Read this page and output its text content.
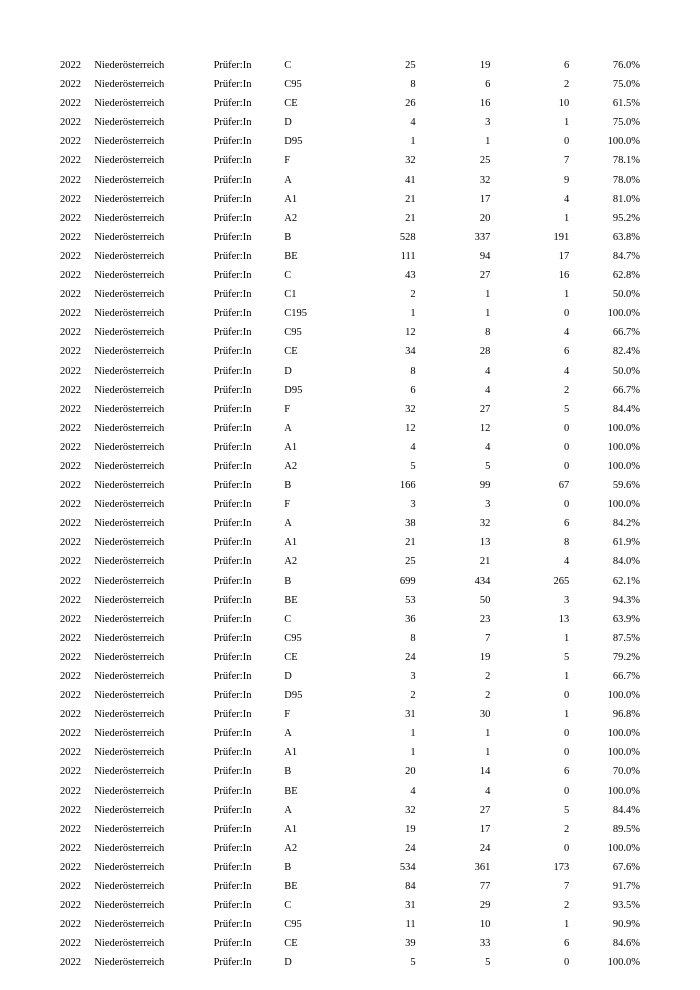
2022	Niederösterreich	Prüfer:In	C	25	19	6	76.0%
2022	Niederösterreich	Prüfer:In	C95	8	6	2	75.0%
2022	Niederösterreich	Prüfer:In	CE	26	16	10	61.5%
2022	Niederösterreich	Prüfer:In	D	4	3	1	75.0%
2022	Niederösterreich	Prüfer:In	D95	1	1	0	100.0%
2022	Niederösterreich	Prüfer:In	F	32	25	7	78.1%
2022	Niederösterreich	Prüfer:In	A	41	32	9	78.0%
2022	Niederösterreich	Prüfer:In	A1	21	17	4	81.0%
2022	Niederösterreich	Prüfer:In	A2	21	20	1	95.2%
2022	Niederösterreich	Prüfer:In	B	528	337	191	63.8%
2022	Niederösterreich	Prüfer:In	BE	111	94	17	84.7%
2022	Niederösterreich	Prüfer:In	C	43	27	16	62.8%
2022	Niederösterreich	Prüfer:In	C1	2	1	1	50.0%
2022	Niederösterreich	Prüfer:In	C195	1	1	0	100.0%
2022	Niederösterreich	Prüfer:In	C95	12	8	4	66.7%
2022	Niederösterreich	Prüfer:In	CE	34	28	6	82.4%
2022	Niederösterreich	Prüfer:In	D	8	4	4	50.0%
2022	Niederösterreich	Prüfer:In	D95	6	4	2	66.7%
2022	Niederösterreich	Prüfer:In	F	32	27	5	84.4%
2022	Niederösterreich	Prüfer:In	A	12	12	0	100.0%
2022	Niederösterreich	Prüfer:In	A1	4	4	0	100.0%
2022	Niederösterreich	Prüfer:In	A2	5	5	0	100.0%
2022	Niederösterreich	Prüfer:In	B	166	99	67	59.6%
2022	Niederösterreich	Prüfer:In	F	3	3	0	100.0%
2022	Niederösterreich	Prüfer:In	A	38	32	6	84.2%
2022	Niederösterreich	Prüfer:In	A1	21	13	8	61.9%
2022	Niederösterreich	Prüfer:In	A2	25	21	4	84.0%
2022	Niederösterreich	Prüfer:In	B	699	434	265	62.1%
2022	Niederösterreich	Prüfer:In	BE	53	50	3	94.3%
2022	Niederösterreich	Prüfer:In	C	36	23	13	63.9%
2022	Niederösterreich	Prüfer:In	C95	8	7	1	87.5%
2022	Niederösterreich	Prüfer:In	CE	24	19	5	79.2%
2022	Niederösterreich	Prüfer:In	D	3	2	1	66.7%
2022	Niederösterreich	Prüfer:In	D95	2	2	0	100.0%
2022	Niederösterreich	Prüfer:In	F	31	30	1	96.8%
2022	Niederösterreich	Prüfer:In	A	1	1	0	100.0%
2022	Niederösterreich	Prüfer:In	A1	1	1	0	100.0%
2022	Niederösterreich	Prüfer:In	B	20	14	6	70.0%
2022	Niederösterreich	Prüfer:In	BE	4	4	0	100.0%
2022	Niederösterreich	Prüfer:In	A	32	27	5	84.4%
2022	Niederösterreich	Prüfer:In	A1	19	17	2	89.5%
2022	Niederösterreich	Prüfer:In	A2	24	24	0	100.0%
2022	Niederösterreich	Prüfer:In	B	534	361	173	67.6%
2022	Niederösterreich	Prüfer:In	BE	84	77	7	91.7%
2022	Niederösterreich	Prüfer:In	C	31	29	2	93.5%
2022	Niederösterreich	Prüfer:In	C95	11	10	1	90.9%
2022	Niederösterreich	Prüfer:In	CE	39	33	6	84.6%
2022	Niederösterreich	Prüfer:In	D	5	5	0	100.0%
